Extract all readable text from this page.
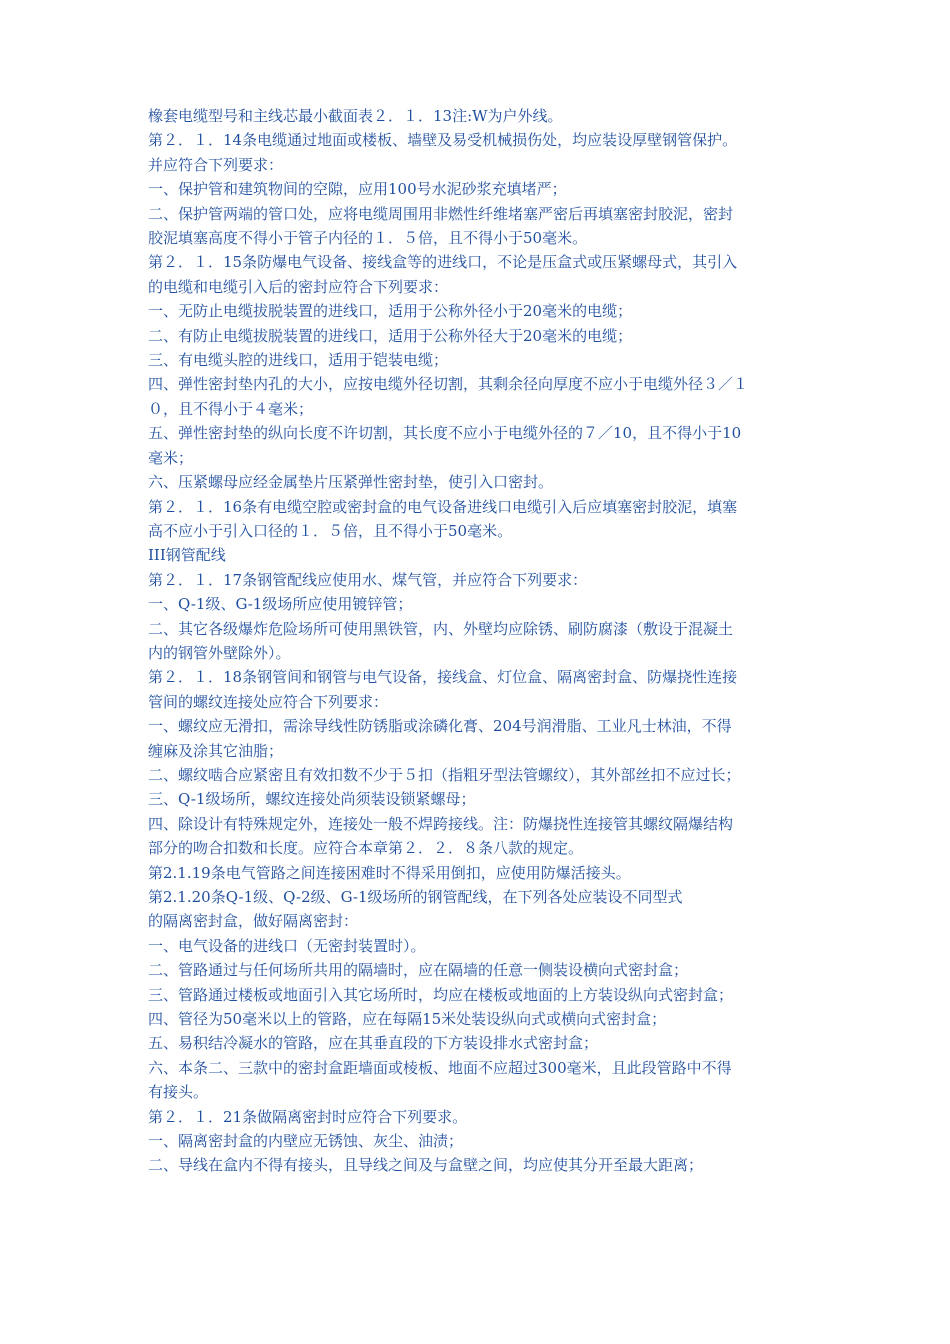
橡套电缆型号和主线芯最小截面表２．１．13注:W为户外线。

第２．１．14条电缆通过地面或楼板、墙壁及易受机械损伤处，均应装设厚壁钢管保护。

并应符合下列要求：

一、保护管和建筑物间的空隙，应用100号水泥砂浆充填堵严；

二、保护管两端的管口处，应将电缆周围用非燃性纤维堵塞严密后再填塞密封胶泥，密封

胶泥填塞高度不得小于管子内径的１．５倍，且不得小于50毫米。

第２．１．15条防爆电气设备、接线盒等的进线口，不论是压盒式或压紧螺母式，其引入

的电缆和电缆引入后的密封应符合下列要求：

一、无防止电缆拔脱装置的进线口，适用于公称外径小于20毫米的电缆；

二、有防止电缆拔脱装置的进线口，适用于公称外径大于20毫米的电缆；

三、有电缆头腔的进线口，适用于铠装电缆；

四、弹性密封垫内孔的大小，应按电缆外径切割，其剩余径向厚度不应小于电缆外径３／１

０，且不得小于４毫米；

五、弹性密封垫的纵向长度不许切割，其长度不应小于电缆外径的７／10，且不得小于10

毫米；

六、压紧螺母应经金属垫片压紧弹性密封垫，使引入口密封。

第２．１．16条有电缆空腔或密封盒的电气设备进线口电缆引入后应填塞密封胶泥，填塞

高不应小于引入口径的１．５倍，且不得小于50毫米。

III钢管配线

第２．１．17条钢管配线应使用水、煤气管，并应符合下列要求：

一、Q-1级、G-1级场所应使用镀锌管；

二、其它各级爆炸危险场所可使用黑铁管，内、外壁均应除锈、刷防腐漆（敷设于混凝土

内的钢管外壁除外）。

第２．１．18条钢管间和钢管与电气设备，接线盒、灯位盒、隔离密封盒、防爆挠性连接

管间的螺纹连接处应符合下列要求：

一、螺纹应无滑扣，需涂导线性防锈脂或涂磷化膏、204号润滑脂、工业凡士林油，不得

缠麻及涂其它油脂；

二、螺纹啮合应紧密且有效扣数不少于５扣（指粗牙型法管螺纹），其外部丝扣不应过长；

三、Q-1级场所，螺纹连接处尚须装设锁紧螺母；

四、除设计有特殊规定外，连接处一般不焊跨接线。注：防爆挠性连接管其螺纹隔爆结构

部分的吻合扣数和长度。应符合本章第２．２．８条八款的规定。

第2.1.19条电气管路之间连接困难时不得采用倒扣，应使用防爆活接头。

第2.1.20条Q-1级、Q-2级、G-1级场所的钢管配线，在下列各处应装设不同型式

的隔离密封盒，做好隔离密封：

一、电气设备的进线口（无密封装置时）。

二、管路通过与任何场所共用的隔墙时，应在隔墙的任意一侧装设横向式密封盒；

三、管路通过楼板或地面引入其它场所时，均应在楼板或地面的上方装设纵向式密封盒；

四、管径为50毫米以上的管路，应在每隔15米处装设纵向式或横向式密封盒；

五、易积结冷凝水的管路，应在其垂直段的下方装设排水式密封盒；

六、本条二、三款中的密封盒距墙面或棱板、地面不应超过300毫米，且此段管路中不得

有接头。

第２．１．21条做隔离密封时应符合下列要求。

一、隔离密封盒的内壁应无锈蚀、灰尘、油渍；

二、导线在盒内不得有接头，且导线之间及与盒壁之间，均应使其分开至最大距离；
